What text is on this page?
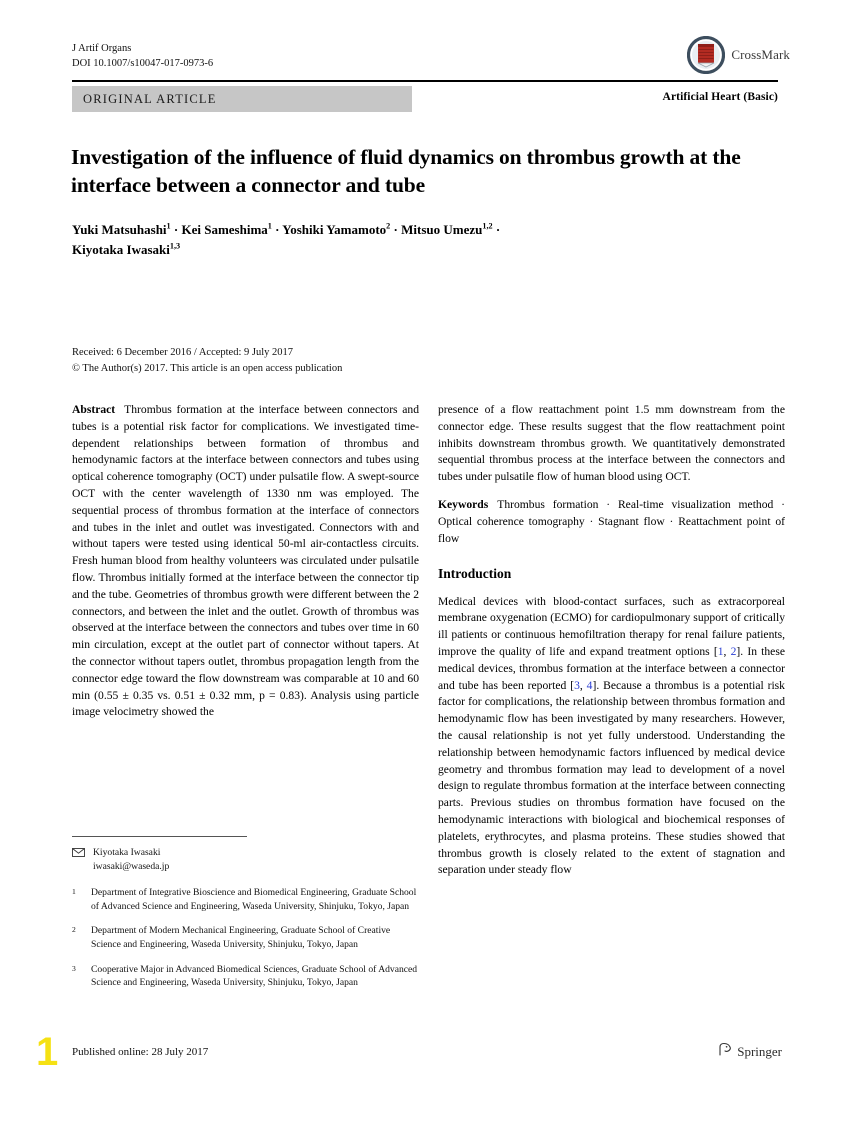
J Artif Organs
DOI 10.1007/s10047-017-0973-6
CrossMark
ORIGINAL ARTICLE	Artificial Heart (Basic)
Investigation of the influence of fluid dynamics on thrombus growth at the interface between a connector and tube
Yuki Matsuhashi$^1$ · Kei Sameshima$^1$ · Yoshiki Yamamoto$^2$ · Mitsuo Umezu$^{1,2}$ ·
Kiyotaka Iwasaki$^{1,3}$
Received: 6 December 2016 / Accepted: 9 July 2017
© The Author(s) 2017. This article is an open access publication

Abstract Thrombus formation at the interface between connectors and tubes is a potential risk factor for complications. We investigated time-dependent relationships between formation of thrombus and hemodynamic factors at the interface between connectors and tubes using optical coherence tomography (OCT) under pulsatile flow. A swept-source OCT with the center wavelength of 1330 nm was employed. The sequential process of thrombus formation at the interface of connectors and tubes in the inlet and outlet was investigated. Connectors with and without tapers were tested using identical 50-ml air-contactless circuits. Fresh human blood from healthy volunteers was circulated under pulsatile flow. Thrombus initially formed at the interface between the connector tip and the tube. Geometries of thrombus growth were different between the 2 connectors, and between the inlet and the outlet. Growth of thrombus was observed at the interface between the connectors and tubes over time in 60 min circulation, except at the outlet part of connector without tapers. At the connector without tapers outlet, thrombus propagation length from the connector edge toward the flow downstream was comparable at 10 and 60 min (0.55 ± 0.35 vs. 0.51 ± 0.32 mm, p = 0.83). Analysis using particle image velocimetry showed the

presence of a flow reattachment point 1.5 mm downstream from the connector edge. These results suggest that the flow reattachment point inhibits downstream thrombus growth. We quantitatively demonstrated sequential thrombus process at the interface between the connectors and tubes under pulsatile flow of human blood using OCT.

Keywords Thrombus formation · Real-time visualization method · Optical coherence tomography · Stagnant flow · Reattachment point of flow

Introduction

Medical devices with blood-contact surfaces, such as extracorporeal membrane oxygenation (ECMO) for cardiopulmonary support of critically ill patients or continuous hemofiltration therapy for renal failure patients, improve the quality of life and expand treatment options [1, 2]. In these medical devices, thrombus formation at the interface between a connector and tube has been reported [3, 4]. Because a thrombus is a potential risk factor for complications, the relationship between thrombus formation and hemodynamic flow has been investigated by many researchers. However, the causal relationship is not yet fully understood. Understanding the relationship between hemodynamic factors influenced by medical device geometry and thrombus formation may lead to development of a novel design to regulate thrombus formation at the interface between connecting parts. Previous studies on thrombus formation have focused on the hemodynamic interactions with biological and biochemical responses of platelets, erythrocytes, and plasma proteins. These studies showed that thrombus growth is closely related to the extent of stagnation and separation under steady flow

Kiyotaka Iwasaki
iwasaki@waseda.jp
1	Department of Integrative Bioscience and Biomedical Engineering, Graduate School of Advanced Science and Engineering, Waseda University, Shinjuku, Tokyo, Japan
2	Department of Modern Mechanical Engineering, Graduate School of Creative Science and Engineering, Waseda University, Shinjuku, Tokyo, Japan
3	Cooperative Major in Advanced Biomedical Sciences, Graduate School of Advanced Science and Engineering, Waseda University, Shinjuku, Tokyo, Japan
1 Published online: 28 July 2017	Springer
